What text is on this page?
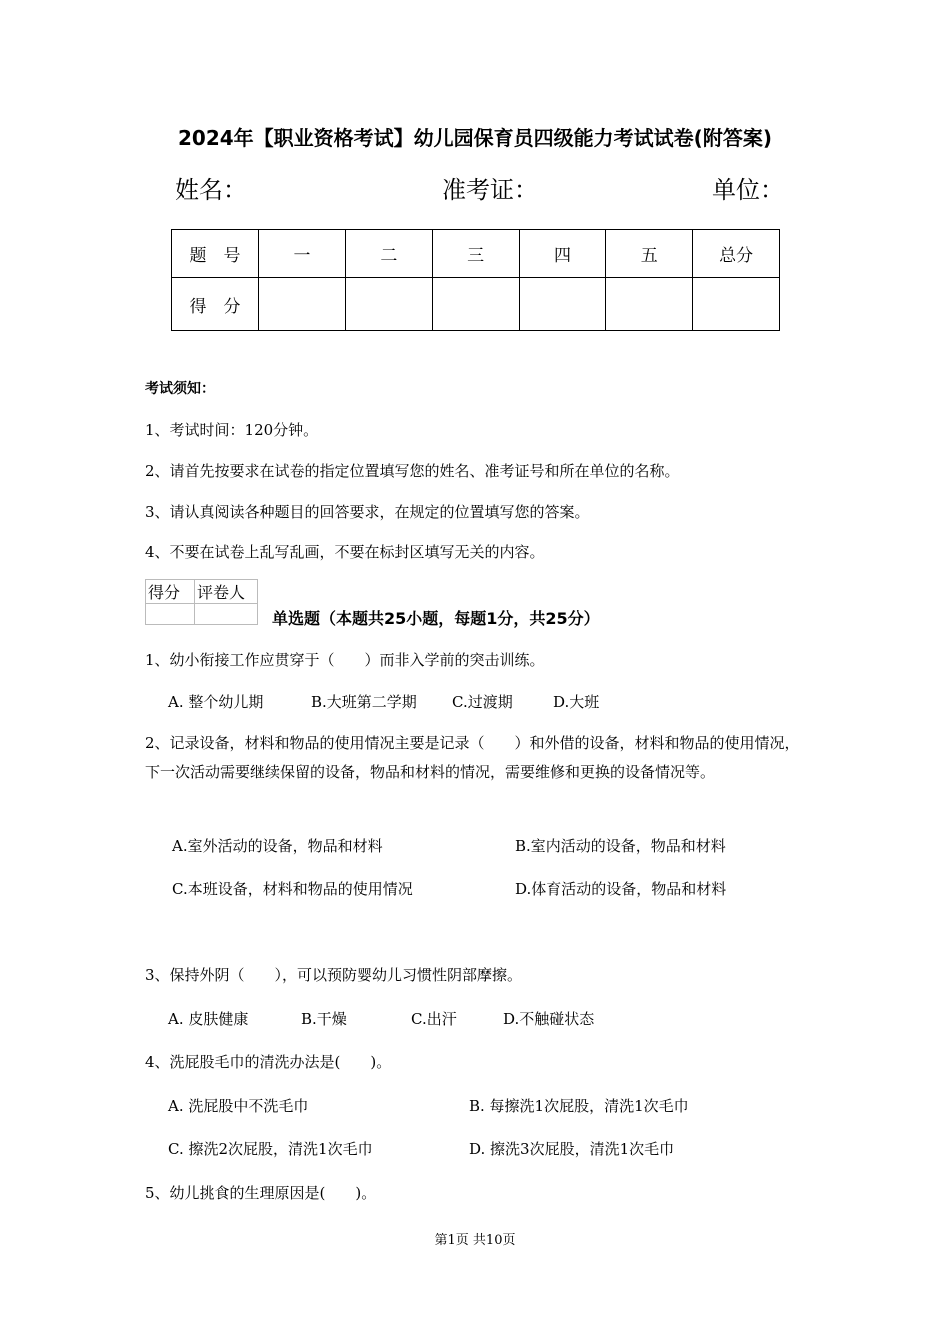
2024年【职业资格考试】幼儿园保育员四级能力考试试卷(附答案)
姓名：	准考证：	单位：
题　号	一	二	三	四	五	总分
得　分						
考试须知：
1、考试时间：120分钟。
2、请首先按要求在试卷的指定位置填写您的姓名、准考证号和所在单位的名称。
3、请认真阅读各种题目的回答要求，在规定的位置填写您的答案。
4、不要在试卷上乱写乱画，不要在标封区填写无关的内容。
得分	评卷人

单选题（本题共25小题，每题1分，共25分）
1、幼小衔接工作应贯穿于（　　）而非入学前的突击训练。
A. 整个幼儿期	B.大班第二学期 C.过渡期	D.大班
2、记录设备，材料和物品的使用情况主要是记录（　　）和外借的设备，材料和物品的使用情况，下一次活动需要继续保留的设备，物品和材料的情况，需要维修和更换的设备情况等。
A.室外活动的设备，物品和材料	B.室内活动的设备，物品和材料
C.本班设备，材料和物品的使用情况	D.体育活动的设备，物品和材料
3、保持外阴（　　），可以预防婴幼儿习惯性阴部摩擦。
A. 皮肤健康	B.干燥	C.出汗	D.不触碰状态
4、洗屁股毛巾的清洗办法是(　　)。
A. 洗屁股中不洗毛巾	B. 每擦洗1次屁股，清洗1次毛巾
C. 擦洗2次屁股，清洗1次毛巾	D. 擦洗3次屁股，清洗1次毛巾
5、幼儿挑食的生理原因是(　　)。
第1页 共10页
